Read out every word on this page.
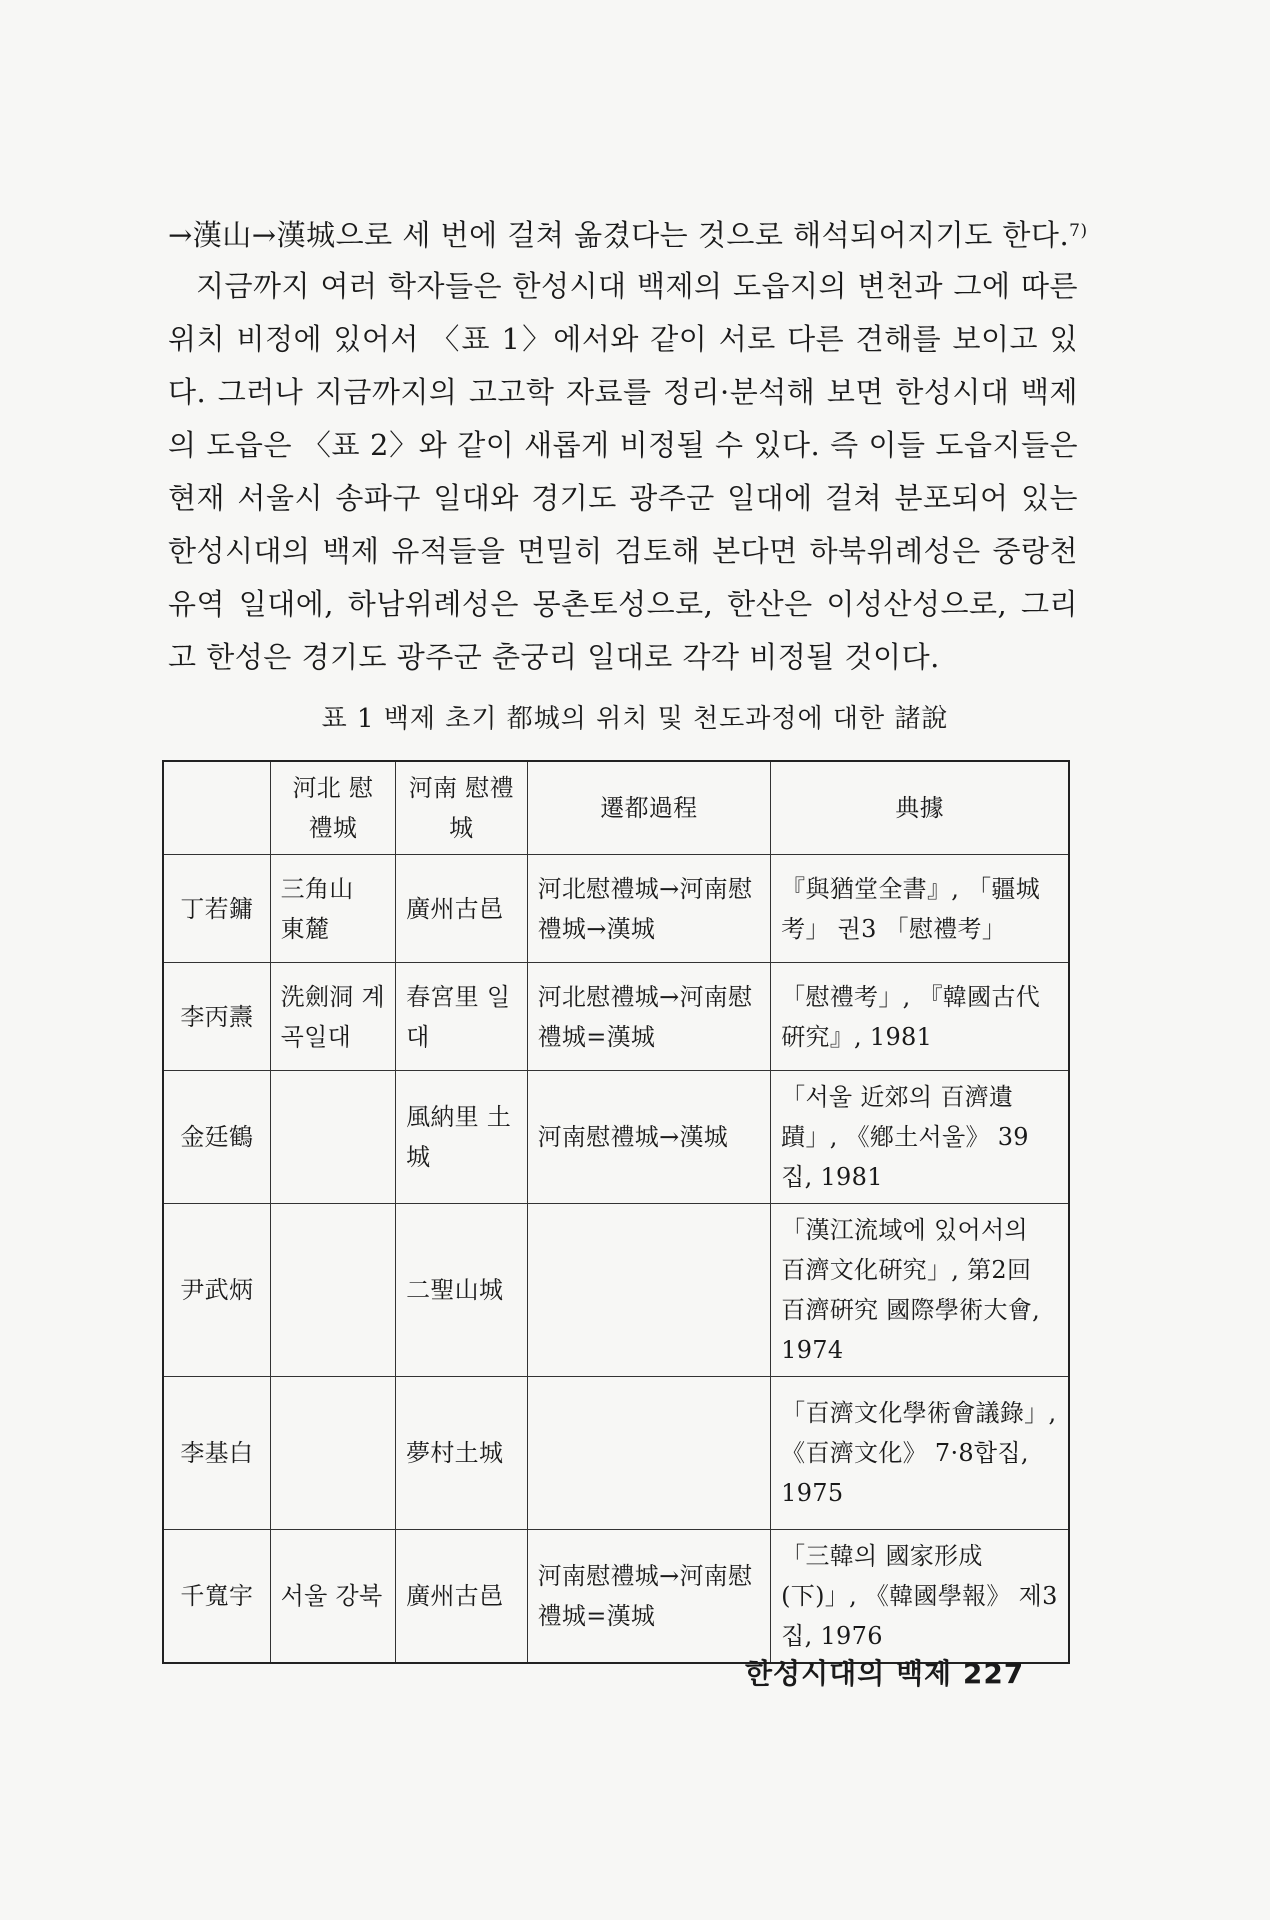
→漢山→漢城으로 세 번에 걸쳐 옮겼다는 것으로 해석되어지기도 한다.$^{7)}$
지금까지 여러 학자들은 한성시대 백제의 도읍지의 변천과 그에 따른 위치 비정에 있어서 〈표 1〉에서와 같이 서로 다른 견해를 보이고 있다. 그러나 지금까지의 고고학 자료를 정리·분석해 보면 한성시대 백제의 도읍은 〈표 2〉와 같이 새롭게 비정될 수 있다. 즉 이들 도읍지들은 현재 서울시 송파구 일대와 경기도 광주군 일대에 걸쳐 분포되어 있는 한성시대의 백제 유적들을 면밀히 검토해 본다면 하북위례성은 중랑천 유역 일대에, 하남위례성은 몽촌토성으로, 한산은 이성산성으로, 그리고 한성은 경기도 광주군 춘궁리 일대로 각각 비정될 것이다.
표 1 백제 초기 都城의 위치 및 천도과정에 대한 諸說
	河北 慰禮城	河南 慰禮城	遷都過程	典據
丁若鏞	三角山 東麓	廣州古邑	河北慰禮城→河南慰禮城→漢城	『與猶堂全書』, 「疆城考」 권3 「慰禮考」
李丙燾	洗劍洞 계곡일대	春宮里 일대	河北慰禮城→河南慰禮城=漢城	「慰禮考」, 『韓國古代硏究』, 1981
金廷鶴		風納里 土城	河南慰禮城→漢城	「서울 近郊의 百濟遺蹟」, 《鄕土서울》 39집, 1981
尹武炳		二聖山城		「漢江流域에 있어서의 百濟文化硏究」, 第2回 百濟硏究 國際學術大會, 1974
李基白		夢村土城		「百濟文化學術會議錄」, 《百濟文化》 7·8합집, 1975
千寬宇	서울 강북	廣州古邑	河南慰禮城→河南慰禮城=漢城	「三韓의 國家形成(下)」, 《韓國學報》 제3집, 1976
한성시대의 백제 227
